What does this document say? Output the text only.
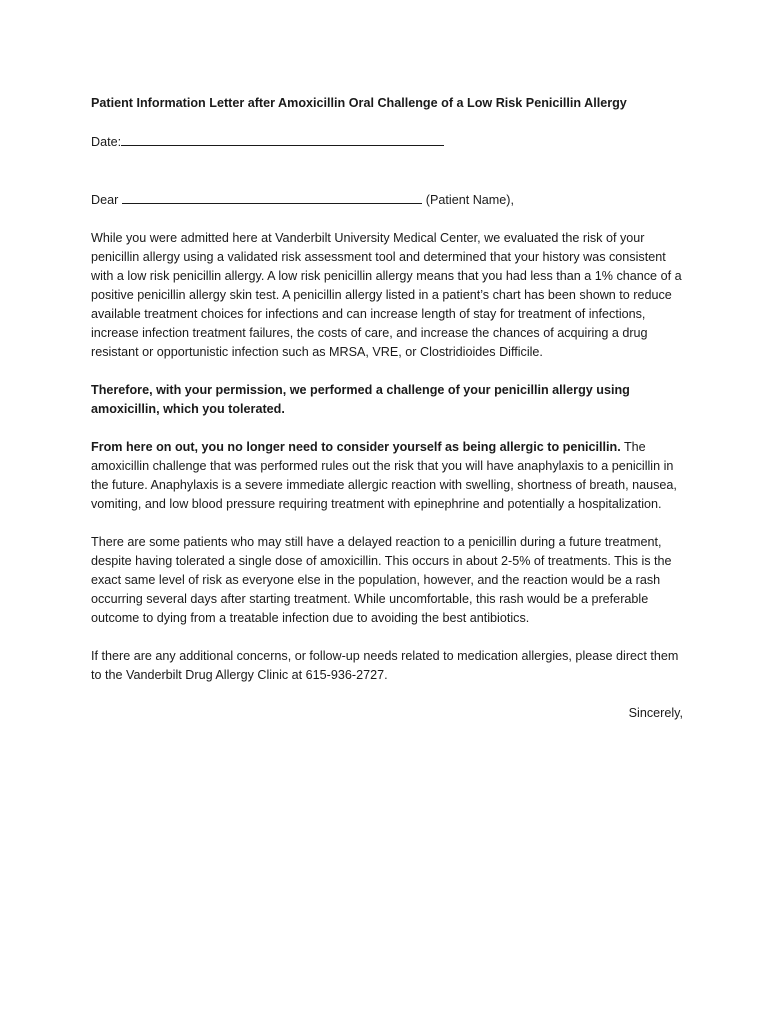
Patient Information Letter after Amoxicillin Oral Challenge of a Low Risk Penicillin Allergy

Date:

Dear	(Patient Name),

While you were admitted here at Vanderbilt University Medical Center, we evaluated the risk of your penicillin allergy using a validated risk assessment tool and determined that your history was consistent with a low risk penicillin allergy. A low risk penicillin allergy means that you had less than a 1% chance of a positive penicillin allergy skin test. A penicillin allergy listed in a patient’s chart has been shown to reduce available treatment choices for infections and can increase length of stay for treatment of infections, increase infection treatment failures, the costs of care, and increase the chances of acquiring a drug resistant or opportunistic infection such as MRSA, VRE, or Clostridioides Difficile.

Therefore, with your permission, we performed a challenge of your penicillin allergy using amoxicillin, which you tolerated.

From here on out, you no longer need to consider yourself as being allergic to penicillin. The amoxicillin challenge that was performed rules out the risk that you will have anaphylaxis to a penicillin in the future. Anaphylaxis is a severe immediate allergic reaction with swelling, shortness of breath, nausea, vomiting, and low blood pressure requiring treatment with epinephrine and potentially a hospitalization.

There are some patients who may still have a delayed reaction to a penicillin during a future treatment, despite having tolerated a single dose of amoxicillin. This occurs in about 2-5% of treatments. This is the exact same level of risk as everyone else in the population, however, and the reaction would be a rash occurring several days after starting treatment. While uncomfortable, this rash would be a preferable outcome to dying from a treatable infection due to avoiding the best antibiotics.

If there are any additional concerns, or follow-up needs related to medication allergies, please direct them to the Vanderbilt Drug Allergy Clinic at 615-936-2727.

Sincerely,
